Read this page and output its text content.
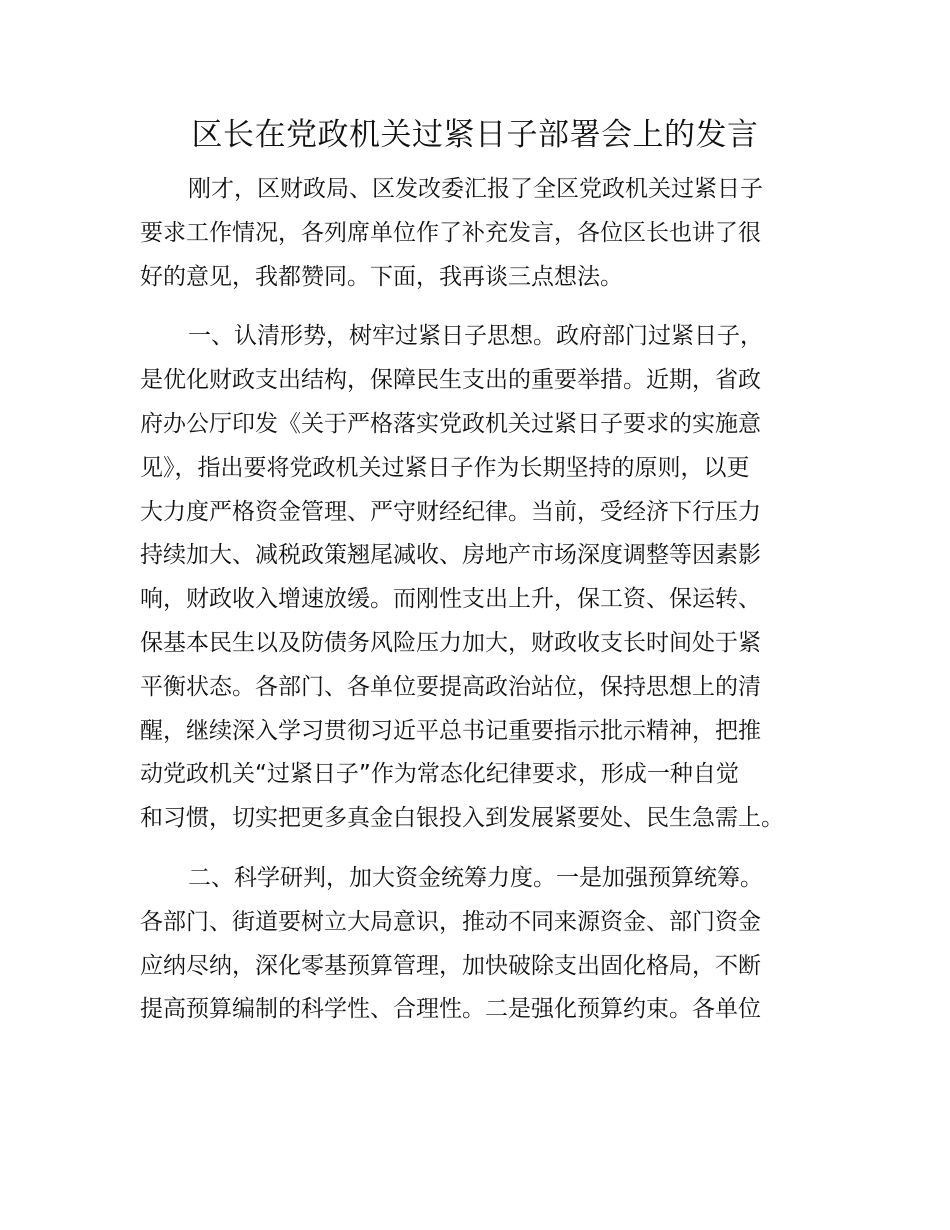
区长在党政机关过紧日子部署会上的发言

刚才，区财政局、区发改委汇报了全区党政机关过紧日子
要求工作情况，各列席单位作了补充发言，各位区长也讲了很
好的意见，我都赞同。下面，我再谈三点想法。

一、认清形势，树牢过紧日子思想。政府部门过紧日子，
是优化财政支出结构，保障民生支出的重要举措。近期，省政
府办公厅印发《关于严格落实党政机关过紧日子要求的实施意
见》，指出要将党政机关过紧日子作为长期坚持的原则，以更
大力度严格资金管理、严守财经纪律。当前，受经济下行压力
持续加大、减税政策翘尾减收、房地产市场深度调整等因素影
响，财政收入增速放缓。而刚性支出上升，保工资、保运转、
保基本民生以及防债务风险压力加大，财政收支长时间处于紧
平衡状态。各部门、各单位要提高政治站位，保持思想上的清
醒，继续深入学习贯彻习近平总书记重要指示批示精神，把推
动党政机关“过紧日子”作为常态化纪律要求，形成一种自觉
和习惯，切实把更多真金白银投入到发展紧要处、民生急需上。

二、科学研判，加大资金统筹力度。一是加强预算统筹。
各部门、街道要树立大局意识，推动不同来源资金、部门资金
应纳尽纳，深化零基预算管理，加快破除支出固化格局，不断
提高预算编制的科学性、合理性。二是强化预算约束。各单位
